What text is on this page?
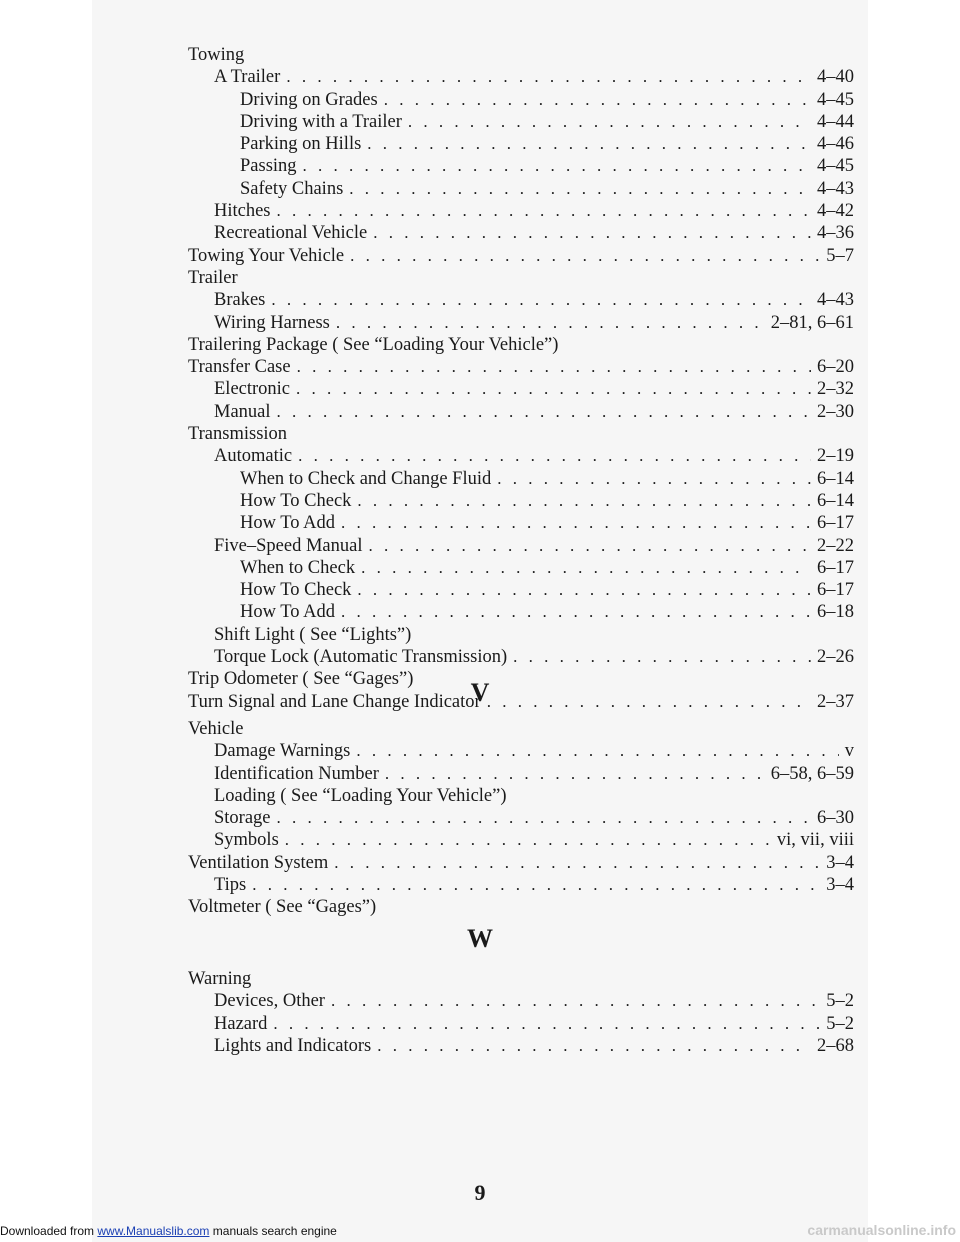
Towing
A Trailer . . .	4–40
Driving on Grades . . .	4–45
Driving with a Trailer . . .	4–44
Parking on Hills . . .	4–46
Passing . . .	4–45
Safety Chains . . .	4–43
Hitches . . .	4–42
Recreational Vehicle . . .	4–36
Towing Your Vehicle . . .	5–7
Trailer
Brakes . . .	4–43
Wiring Harness . . .	2–81, 6–61
Trailering Package ( See “Loading Your Vehicle”)
Transfer Case . . .	6–20
Electronic . . .	2–32
Manual . . .	2–30
Transmission
Automatic . . .	2–19
When to Check and Change Fluid . . .	6–14
How To Check . . .	6–14
How To Add . . .	6–17
Five–Speed Manual . . .	2–22
When to Check . . .	6–17
How To Check . . .	6–17
How To Add . . .	6–18
Shift Light ( See “Lights”)
Torque Lock (Automatic Transmission) . . .	2–26
Trip Odometer ( See “Gages”)
Turn Signal and Lane Change Indicator . . .	2–37
V
Vehicle
Damage Warnings . . .	v
Identification Number . . .	6–58, 6–59
Loading ( See “Loading Your Vehicle”)
Storage . . .	6–30
Symbols . . .	vi, vii, viii
Ventilation System . . .	3–4
Tips . . .	3–4
Voltmeter ( See “Gages”)
W
Warning
Devices, Other . . .	5–2
Hazard . . .	5–2
Lights and Indicators . . .	2–68
9
Downloaded from www.Manualslib.com manuals search engine	carmanualsonline.info
